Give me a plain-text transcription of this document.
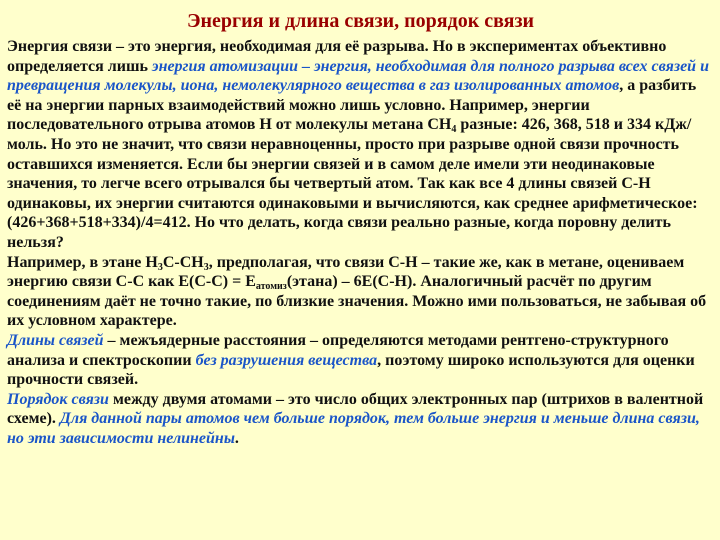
Энергия и длина связи, порядок связи

Энергия связи – это энергия, необходимая для её разрыва. Но в экспериментах объективно определяется лишь энергия атомизации – энергия, необходимая для полного разрыва всех связей и превращения молекулы, иона, немолекулярного вещества в газ изолированных атомов, а разбить её на энергии парных взаимодействий можно лишь условно. Например, энергии последовательного отрыва атомов Н от молекулы метана $СН_4$ разные: 426, 368, 518 и 334 кДж/моль. Но это не значит, что связи неравноценны, просто при разрыве одной связи прочность оставшихся изменяется. Если бы энергии связей и в самом деле имели эти неодинаковые значения, то легче всего отрывался бы четвертый атом. Так как все 4 длины связей С-Н одинаковы, их энергии считаются одинаковыми и вычисляются, как среднее арифметическое: (426+368+518+334)/4=412. Но что делать, когда связи реально разные, когда поровну делить нельзя?

Например, в этане $Н_3С-СН_3$, предполагая, что связи С-Н – такие же, как в метане, оцениваем энергию связи С-С как $Е(С-С) = Е_{атомиз}(этана) - 6Е(С-Н)$. Аналогичный расчёт по другим соединениям даёт не точно такие, по близкие значения. Можно ими пользоваться, не забывая об их условном характере.

Длины связей – межъядерные расстояния – определяются методами рентгено-структурного анализа и спектроскопии без разрушения вещества, поэтому широко используются для оценки прочности связей.

Порядок связи между двумя атомами – это число общих электронных пар (штрихов в валентной схеме). Для данной пары атомов чем больше порядок, тем больше энергия и меньше длина связи, но эти зависимости нелинейны.
